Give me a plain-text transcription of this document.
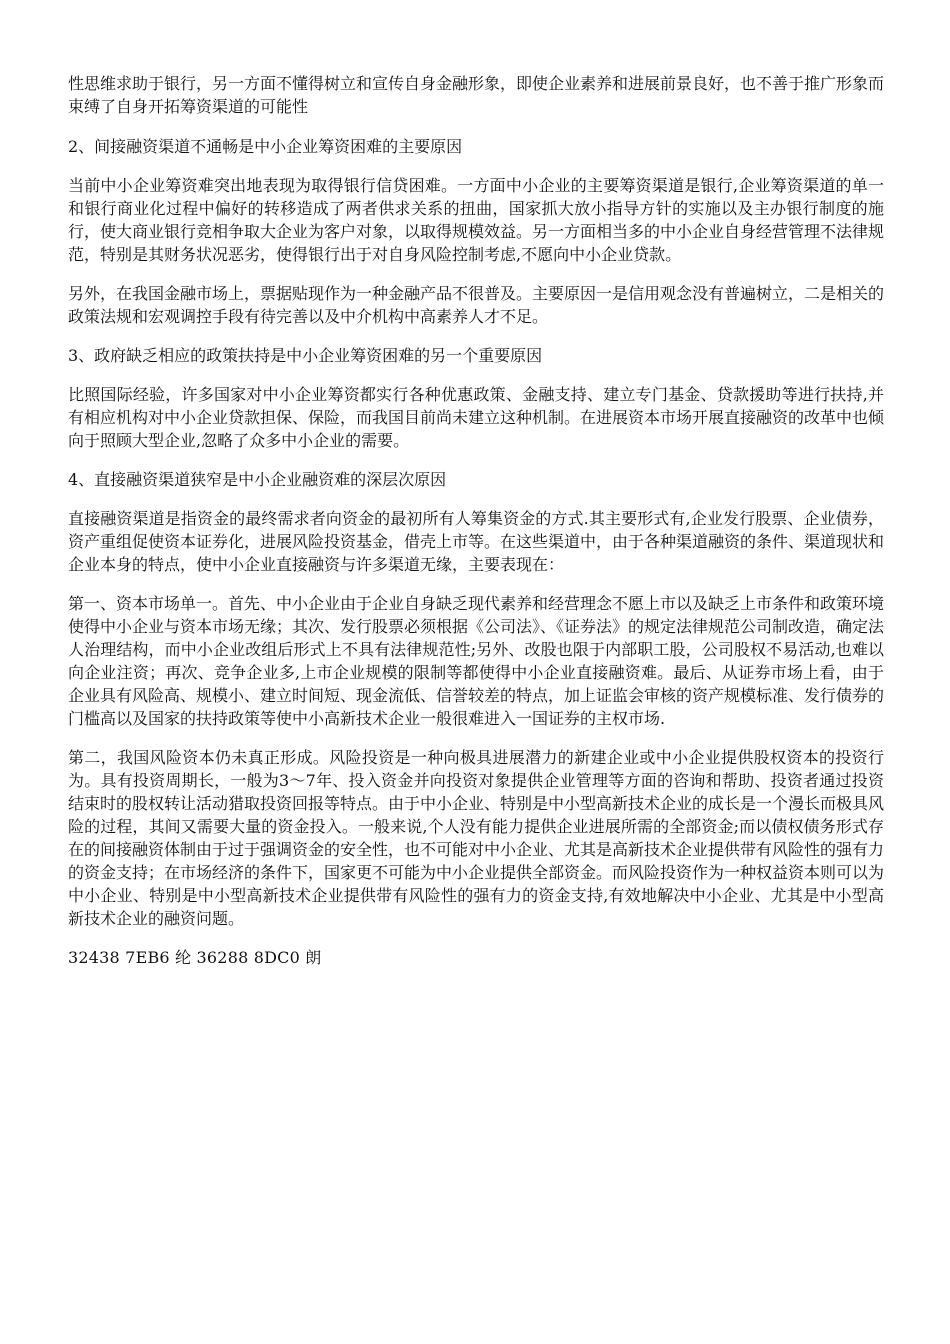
性思维求助于银行，另一方面不懂得树立和宣传自身金融形象，即使企业素养和进展前景良好，也不善于推广形象而束缚了自身开拓筹资渠道的可能性

2、间接融资渠道不通畅是中小企业筹资困难的主要原因

当前中小企业筹资难突出地表现为取得银行信贷困难。一方面中小企业的主要筹资渠道是银行,企业筹资渠道的单一和银行商业化过程中偏好的转移造成了两者供求关系的扭曲，国家抓大放小指导方针的实施以及主办银行制度的施行，使大商业银行竞相争取大企业为客户对象，以取得规模效益。另一方面相当多的中小企业自身经营管理不法律规范，特别是其财务状况恶劣，使得银行出于对自身风险控制考虑,不愿向中小企业贷款。

另外，在我国金融市场上，票据贴现作为一种金融产品不很普及。主要原因一是信用观念没有普遍树立，二是相关的政策法规和宏观调控手段有待完善以及中介机构中高素养人才不足。

3、政府缺乏相应的政策扶持是中小企业筹资困难的另一个重要原因

比照国际经验，许多国家对中小企业筹资都实行各种优惠政策、金融支持、建立专门基金、贷款援助等进行扶持,并有相应机构对中小企业贷款担保、保险，而我国目前尚未建立这种机制。在进展资本市场开展直接融资的改革中也倾向于照顾大型企业,忽略了众多中小企业的需要。

4、直接融资渠道狭窄是中小企业融资难的深层次原因

直接融资渠道是指资金的最终需求者向资金的最初所有人筹集资金的方式.其主要形式有,企业发行股票、企业债券，资产重组促使资本证券化，进展风险投资基金，借壳上市等。在这些渠道中，由于各种渠道融资的条件、渠道现状和企业本身的特点，使中小企业直接融资与许多渠道无缘，主要表现在：

第一、资本市场单一。首先、中小企业由于企业自身缺乏现代素养和经营理念不愿上市以及缺乏上市条件和政策环境使得中小企业与资本市场无缘；其次、发行股票必须根据《公司法》、《证券法》的规定法律规范公司制改造，确定法人治理结构，而中小企业改组后形式上不具有法律规范性;另外、改股也限于内部职工股，公司股权不易活动,也难以向企业注资；再次、竞争企业多,上市企业规模的限制等都使得中小企业直接融资难。最后、从证券市场上看，由于企业具有风险高、规模小、建立时间短、现金流低、信誉较差的特点，加上证监会审核的资产规模标准、发行债券的门槛高以及国家的扶持政策等使中小高新技术企业一般很难进入一国证券的主权市场.

第二，我国风险资本仍未真正形成。风险投资是一种向极具进展潜力的新建企业或中小企业提供股权资本的投资行为。具有投资周期长，一般为3～7年、投入资金并向投资对象提供企业管理等方面的咨询和帮助、投资者通过投资结束时的股权转让活动猎取投资回报等特点。由于中小企业、特别是中小型高新技术企业的成长是一个漫长而极具风险的过程，其间又需要大量的资金投入。一般来说,个人没有能力提供企业进展所需的全部资金;而以债权债务形式存在的间接融资体制由于过于强调资金的安全性，也不可能对中小企业、尤其是高新技术企业提供带有风险性的强有力的资金支持；在市场经济的条件下，国家更不可能为中小企业提供全部资金。而风险投资作为一种权益资本则可以为中小企业、特别是中小型高新技术企业提供带有风险性的强有力的资金支持,有效地解决中小企业、尤其是中小型高新技术企业的融资问题。

32438 7EB6 纶 36288 8DC0 朗
